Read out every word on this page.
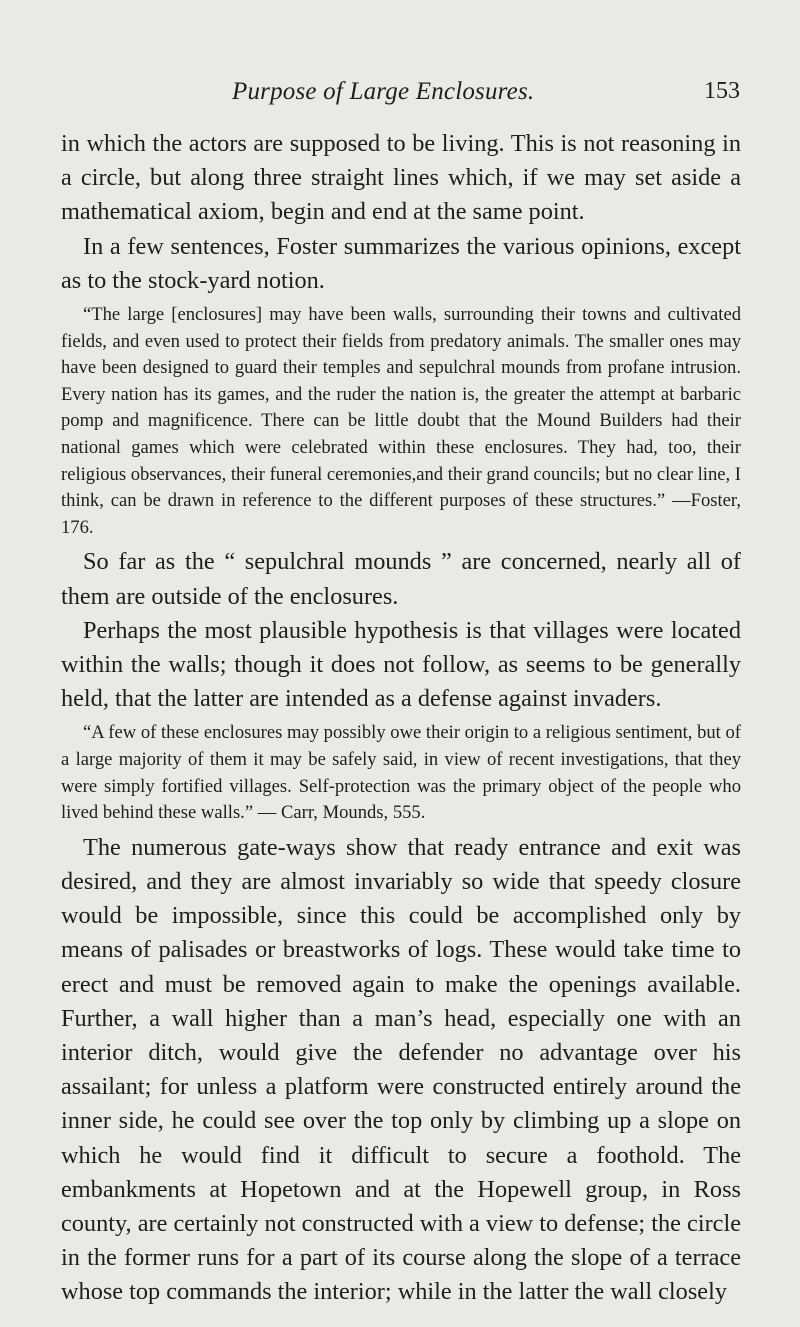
Purpose of Large Enclosures.	153

in which the actors are supposed to be living. This is not reasoning in a circle, but along three straight lines which, if we may set aside a mathematical axiom, begin and end at the same point.

In a few sentences, Foster summarizes the various opinions, except as to the stock-yard notion.

“The large [enclosures] may have been walls, surrounding their towns and cultivated fields, and even used to protect their fields from predatory animals. The smaller ones may have been designed to guard their temples and sepulchral mounds from profane intrusion. Every nation has its games, and the ruder the nation is, the greater the attempt at barbaric pomp and magnificence. There can be little doubt that the Mound Builders had their national games which were celebrated within these enclosures. They had, too, their religious observances, their funeral ceremonies,and their grand councils; but no clear line, I think, can be drawn in reference to the different purposes of these structures.” —Foster, 176.

So far as the “ sepulchral mounds ” are concerned, nearly all of them are outside of the enclosures.

Perhaps the most plausible hypothesis is that villages were located within the walls; though it does not follow, as seems to be generally held, that the latter are intended as a defense against invaders.

“A few of these enclosures may possibly owe their origin to a religious sentiment, but of a large majority of them it may be safely said, in view of recent investigations, that they were simply fortified villages. Self-protection was the primary object of the people who lived behind these walls.” — Carr, Mounds, 555.

The numerous gate-ways show that ready entrance and exit was desired, and they are almost invariably so wide that speedy closure would be impossible, since this could be accomplished only by means of palisades or breastworks of logs. These would take time to erect and must be removed again to make the openings available. Further, a wall higher than a man’s head, especially one with an interior ditch, would give the defender no advantage over his assailant; for unless a platform were constructed entirely around the inner side, he could see over the top only by climbing up a slope on which he would find it difficult to secure a foothold. The embankments at Hopetown and at the Hopewell group, in Ross county, are certainly not constructed with a view to defense; the circle in the former runs for a part of its course along the slope of a terrace whose top commands the interior; while in the latter the wall closely
